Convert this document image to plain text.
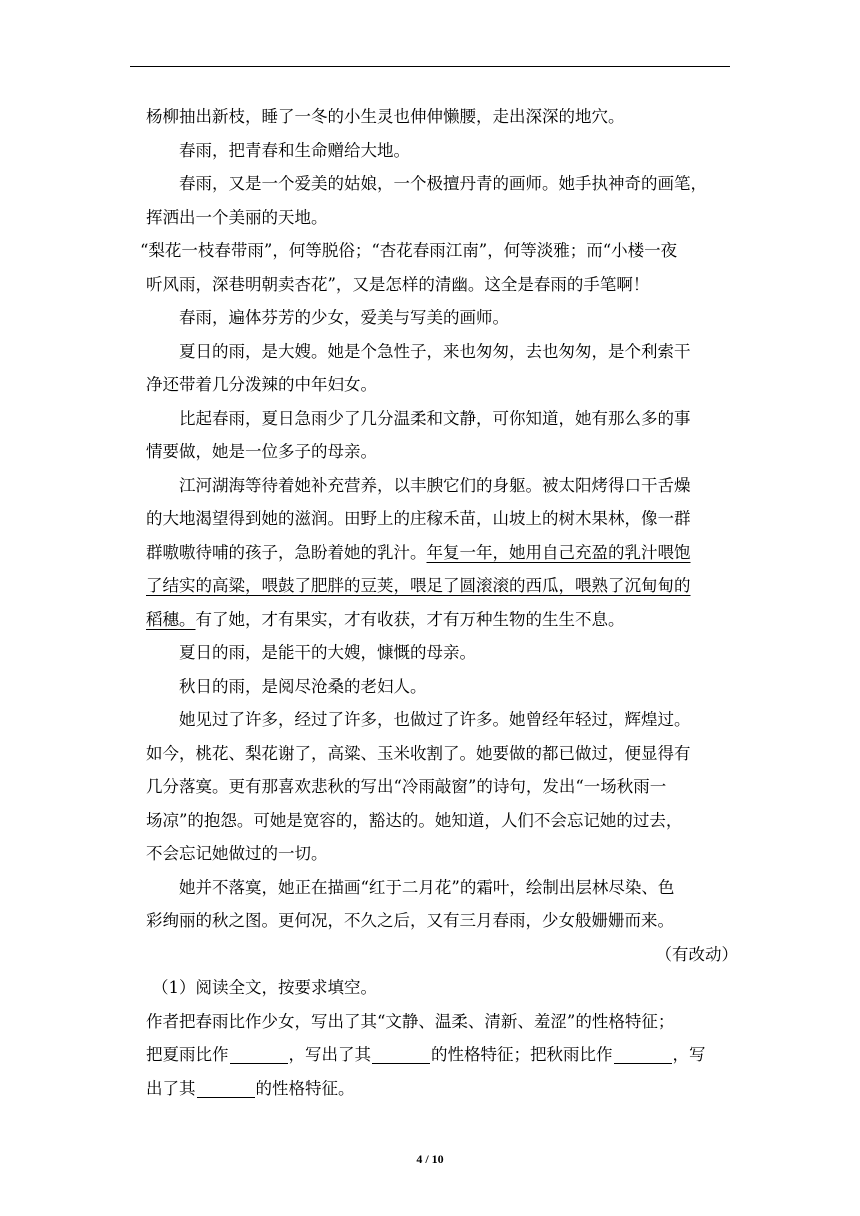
杨柳抽出新枝，睡了一冬的小生灵也伸伸懒腰，走出深深的地穴。
春雨，把青春和生命赠给大地。
春雨，又是一个爱美的姑娘，一个极擅丹青的画师。她手执神奇的画笔，
挥洒出一个美丽的天地。
“梨花一枝春带雨”，何等脱俗；“杏花春雨江南”，何等淡雅；而“小楼一夜
听风雨，深巷明朝卖杏花”，又是怎样的清幽。这全是春雨的手笔啊！
春雨，遍体芬芳的少女，爱美与写美的画师。
夏日的雨，是大嫂。她是个急性子，来也匆匆，去也匆匆，是个利索干
净还带着几分泼辣的中年妇女。
比起春雨，夏日急雨少了几分温柔和文静，可你知道，她有那么多的事
情要做，她是一位多子的母亲。
江河湖海等待着她补充营养，以丰腴它们的身躯。被太阳烤得口干舌燥
的大地渴望得到她的滋润。田野上的庄稼禾苗，山坡上的树木果林，像一群
群嗷嗷待哺的孩子，急盼着她的乳汁。年复一年，她用自己充盈的乳汁喂饱
了结实的高粱，喂鼓了肥胖的豆荚，喂足了圆滚滚的西瓜，喂熟了沉甸甸的
稻穗。有了她，才有果实，才有收获，才有万种生物的生生不息。
夏日的雨，是能干的大嫂，慷慨的母亲。
秋日的雨，是阅尽沧桑的老妇人。
她见过了许多，经过了许多，也做过了许多。她曾经年轻过，辉煌过。
如今，桃花、梨花谢了，高粱、玉米收割了。她要做的都已做过，便显得有
几分落寞。更有那喜欢悲秋的写出“冷雨敲窗”的诗句，发出“一场秋雨一
场凉”的抱怨。可她是宽容的，豁达的。她知道，人们不会忘记她的过去，
不会忘记她做过的一切。
她并不落寞，她正在描画“红于二月花”的霜叶，绘制出层林尽染、色
彩绚丽的秋之图。更何况，不久之后，又有三月春雨，少女般姗姗而来。
（有改动）
（1）阅读全文，按要求填空。
作者把春雨比作少女，写出了其“文静、温柔、清新、羞涩”的性格特征；
把夏雨比作	，写出了其	的性格特征；把秋雨比作	，写
出了其	的性格特征。
4 / 10
